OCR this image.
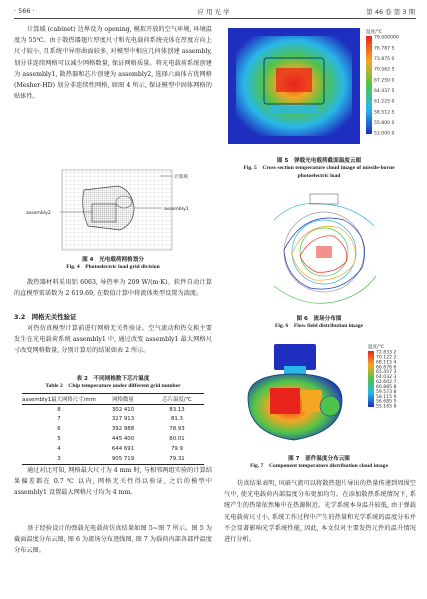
· 566 ·	应 用 光 学	第 46 卷 第 3 期

计算域 (cabinet) 边界设为 opening, 模拟开放的空气环境, 环境温度为 55℃。由于散热器翅片厚度尺寸和光电载荷系统壳体在厚度方向上尺寸较小, 且系统中异形曲面较多, 对模型中相应几何体创建 assembly, 划分非连续网格可以减少网格数量, 保证网格质量。将光电载荷系统创建为 assembly1, 散热器和芯片创建为 assembly2, 选择六面体占优网格 (Mesher-HD) 划分非连续性网格, 如图 4 所示, 保证模型中固体网格的贴体性。

计算域
assembly1
assembly2
图 4　光电载荷网格划分
Fig. 4　Photoelectric load grid division

散热器材料采用铝 6063, 导热率为 209 W/(m·K)。软件自动计算的直模型雷诺数为 2 619.69, 在数值计算中将流体类型设置为湍流。

3.2　网格无关性验证

对热仿真模型计算前进行网格无关性验证。空气流动和热交换主要发生在光电载荷系统 assembly1 中, 通过改变 assembly1 最大网格尺寸改变网格数量, 分别计算后的结果如表 2 所示。

表 2　不同网格数下芯片温度
Table 2　Chip temperature under different grid number
assembly1最大网格尺寸/mm	网格数量	芯片温度/℃
8	302 410	83.13
7	327 913	81.3
6	392 988	78.93
5	445 400	80.01
4	644 691	79.9
3	905 719	79.31

通过对比可知, 网格最大尺寸为 4 mm 时, 与相邻两组实验的计算结果偏差都在 0.7 ℃ 以内, 网格无关性得以验证, 之后的模型中 assembly1 设置最大网格尺寸均为 4 mm。

基于经验设计的弹载光电载荷仿真结果如图 5~图 7 所示。图 5 为截面温度分布云图, 图 6 为流场分布迹线图, 图 7 为载荷内部各部件温度分布云图。

温度/℃
79.000000
76.787 5
73.875 0
70.562 5
67.250 0
64.437 5
61.225 0
58.512 5
55.800 0
53.000 0
图 5　弹载光电载荷截面温度云图
Fig. 5　Cross section temperature cloud image of missile-borne photoelectric load
图 6　流场分布图
Fig. 6　Flow field distribution image
温度/℃
72.833 2
70.122 2
68.115 4
66.876 6
65.457 3
64.032 3
62.602 7
60.885 8
59.573 8
58.115 9
56.685 5
55.165 8
图 7　部件温度分布云图
Fig. 7　Component temperature distribution cloud image

仿真结果表明, 风扇气流可以将散热翅片导出的热量传递到周围空气中, 使光电载荷内部温度分布更加均匀。在添加散热系统情况下, 系统产生的热量依然集中在热源附近。光学系统本身温升较低, 由于弹载光电载荷尺寸小, 系统工作过程中产生的热量和光学系统的温度分布并不会显著影响光学系统性能, 因此, 本文仅对主要发热元件的温升情况进行分析。
